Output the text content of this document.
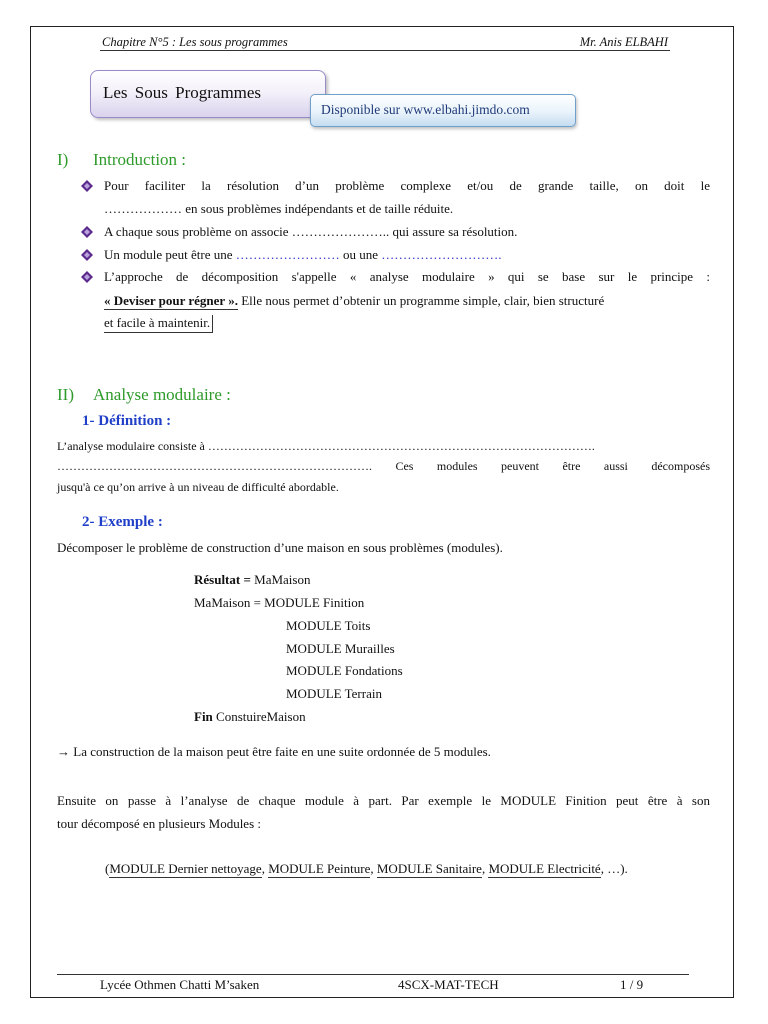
Chapitre N°5 : Les sous programmes	Mr. Anis ELBAHI
Les Sous Programmes
Disponible sur www.elbahi.jimdo.com
I) Introduction :
Pour faciliter la résolution d’un problème complexe et/ou de grande taille, on doit le
……………… en sous problèmes indépendants et de taille réduite.
A chaque sous problème on associe ………………….. qui assure sa résolution.
Un module peut être une …………………… ou une ……………………….
L’approche de décomposition s'appelle « analyse modulaire » qui se base sur le principe :
« Deviser pour régner ». Elle nous permet d’obtenir un programme simple, clair, bien structuré
et facile à maintenir.
II) Analyse modulaire :
1- Définition :
L’analyse modulaire consiste à …………………………………………………………………………………….
……………………………………………………………………. Ces modules peuvent être aussi décomposés
jusqu'à ce qu’on arrive à un niveau de difficulté abordable.
2- Exemple :
Décomposer le problème de construction d’une maison en sous problèmes (modules).
Résultat = MaMaison
MaMaison = MODULE Finition
MODULE Toits
MODULE Murailles
MODULE Fondations
MODULE Terrain
Fin ConstuireMaison
→ La construction de la maison peut être faite en une suite ordonnée de 5 modules.
Ensuite on passe à l’analyse de chaque module à part. Par exemple le MODULE Finition peut être à son
tour décomposé en plusieurs Modules :
(MODULE Dernier nettoyage, MODULE Peinture, MODULE Sanitaire, MODULE Electricité, …).
Lycée Othmen Chatti M’saken	4SCX-MAT-TECH	1 / 9
